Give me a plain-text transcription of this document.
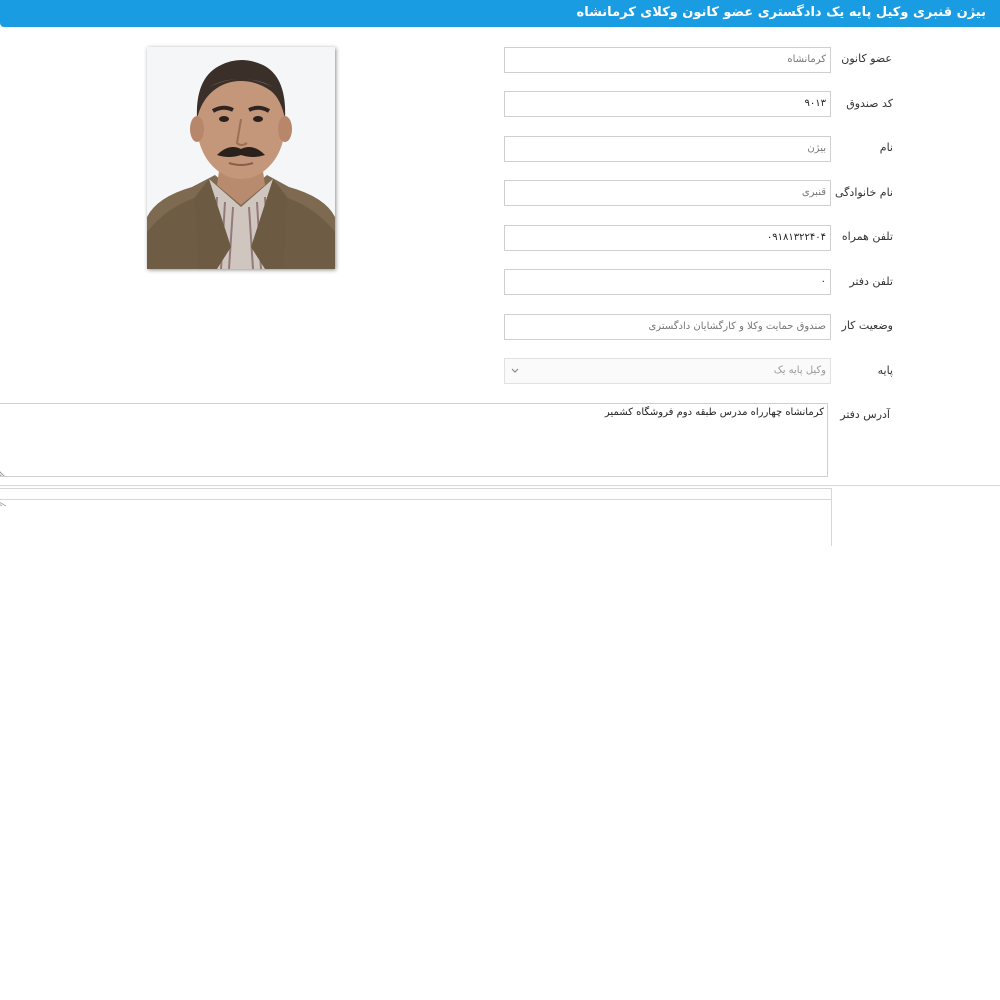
بیژن قنبری وکیل پایه یک دادگستری عضو کانون وکلای کرمانشاه
عضو کانون
کرمانشاه
کد صندوق
۹۰۱۳
نام
بیژن
نام خانوادگی
قنبری
تلفن همراه
۰۹۱۸۱۳۲۲۴۰۴
تلفن دفتر
۰
وضعیت کار
صندوق حمایت وکلا و کارگشایان دادگستری
پایه
وکیل پایه یک
آدرس دفتر
کرمانشاه چهارراه مدرس طبقه دوم فروشگاه کشمیر
